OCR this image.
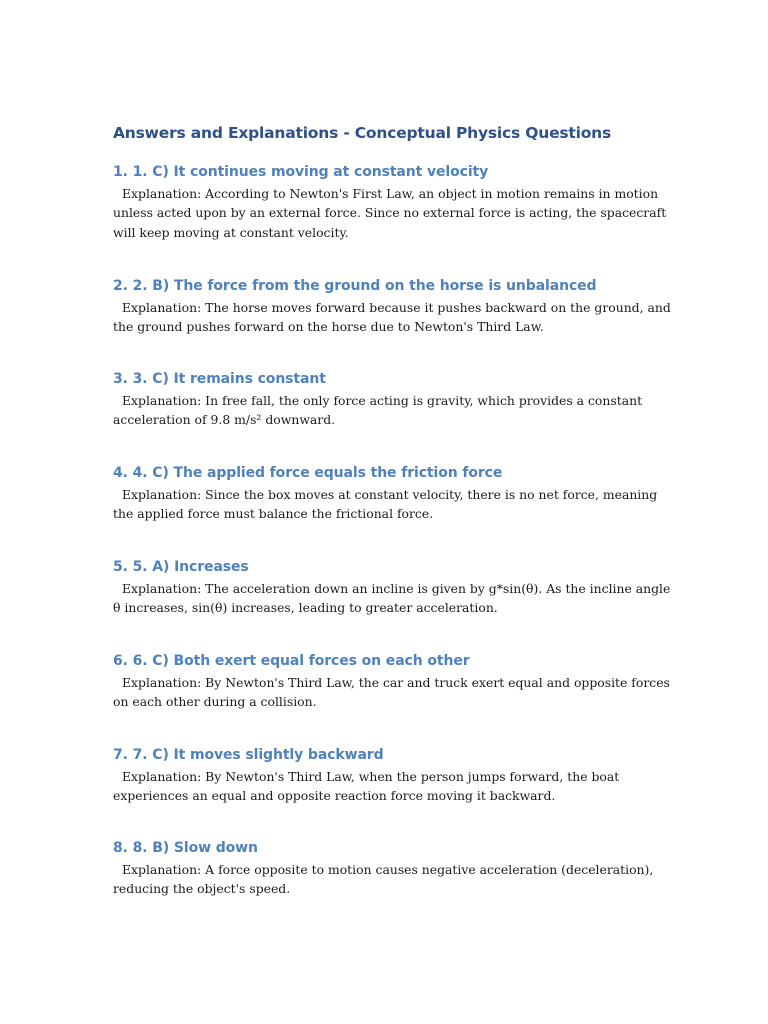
Answers and Explanations - Conceptual Physics Questions
1. 1. C) It continues moving at constant velocity

Explanation: According to Newton's First Law, an object in motion remains in motion unless acted upon by an external force. Since no external force is acting, the spacecraft will keep moving at constant velocity.

2. 2. B) The force from the ground on the horse is unbalanced

Explanation: The horse moves forward because it pushes backward on the ground, and the ground pushes forward on the horse due to Newton's Third Law.

3. 3. C) It remains constant

Explanation: In free fall, the only force acting is gravity, which provides a constant acceleration of 9.8 m/s² downward.

4. 4. C) The applied force equals the friction force

Explanation: Since the box moves at constant velocity, there is no net force, meaning the applied force must balance the frictional force.

5. 5. A) Increases

Explanation: The acceleration down an incline is given by g*sin(θ). As the incline angle θ increases, sin(θ) increases, leading to greater acceleration.

6. 6. C) Both exert equal forces on each other

Explanation: By Newton's Third Law, the car and truck exert equal and opposite forces on each other during a collision.

7. 7. C) It moves slightly backward

Explanation: By Newton's Third Law, when the person jumps forward, the boat experiences an equal and opposite reaction force moving it backward.

8. 8. B) Slow down

Explanation: A force opposite to motion causes negative acceleration (deceleration), reducing the object's speed.
